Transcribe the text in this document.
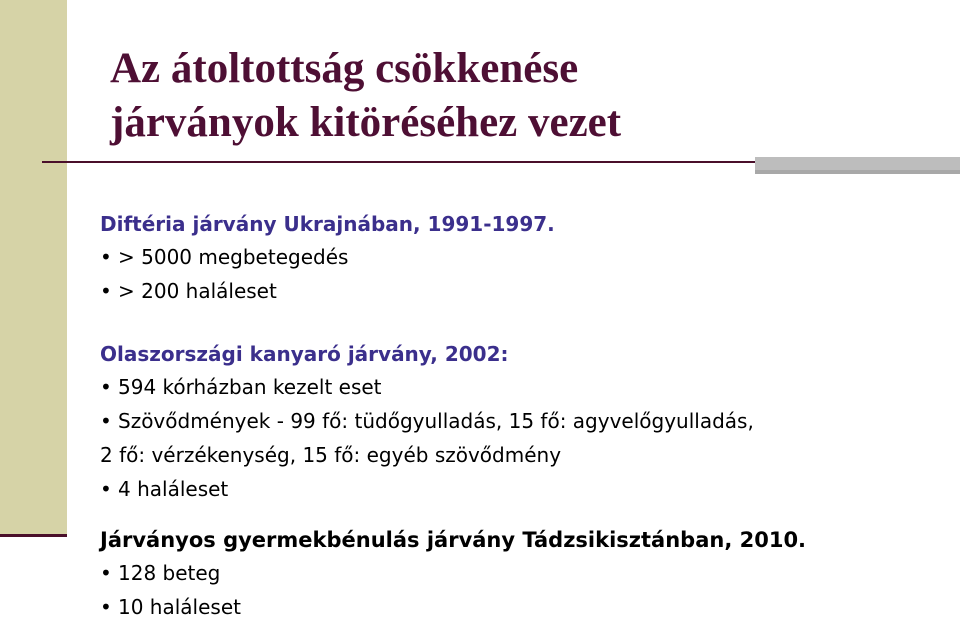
Az átoltottság csökkenése
járványok kitöréséhez vezet
Diftéria járvány Ukrajnában, 1991-1997.
• > 5000 megbetegedés
• > 200 haláleset
Olaszországi kanyaró járvány, 2002:
• 594 kórházban kezelt eset
• Szövődmények - 99 fő: tüdőgyulladás, 15 fő: agyvelőgyulladás,
2 fő: vérzékenység, 15 fő: egyéb szövődmény
• 4 haláleset
Járványos gyermekbénulás járvány Tádzsikisztánban, 2010.
• 128 beteg
• 10 haláleset
